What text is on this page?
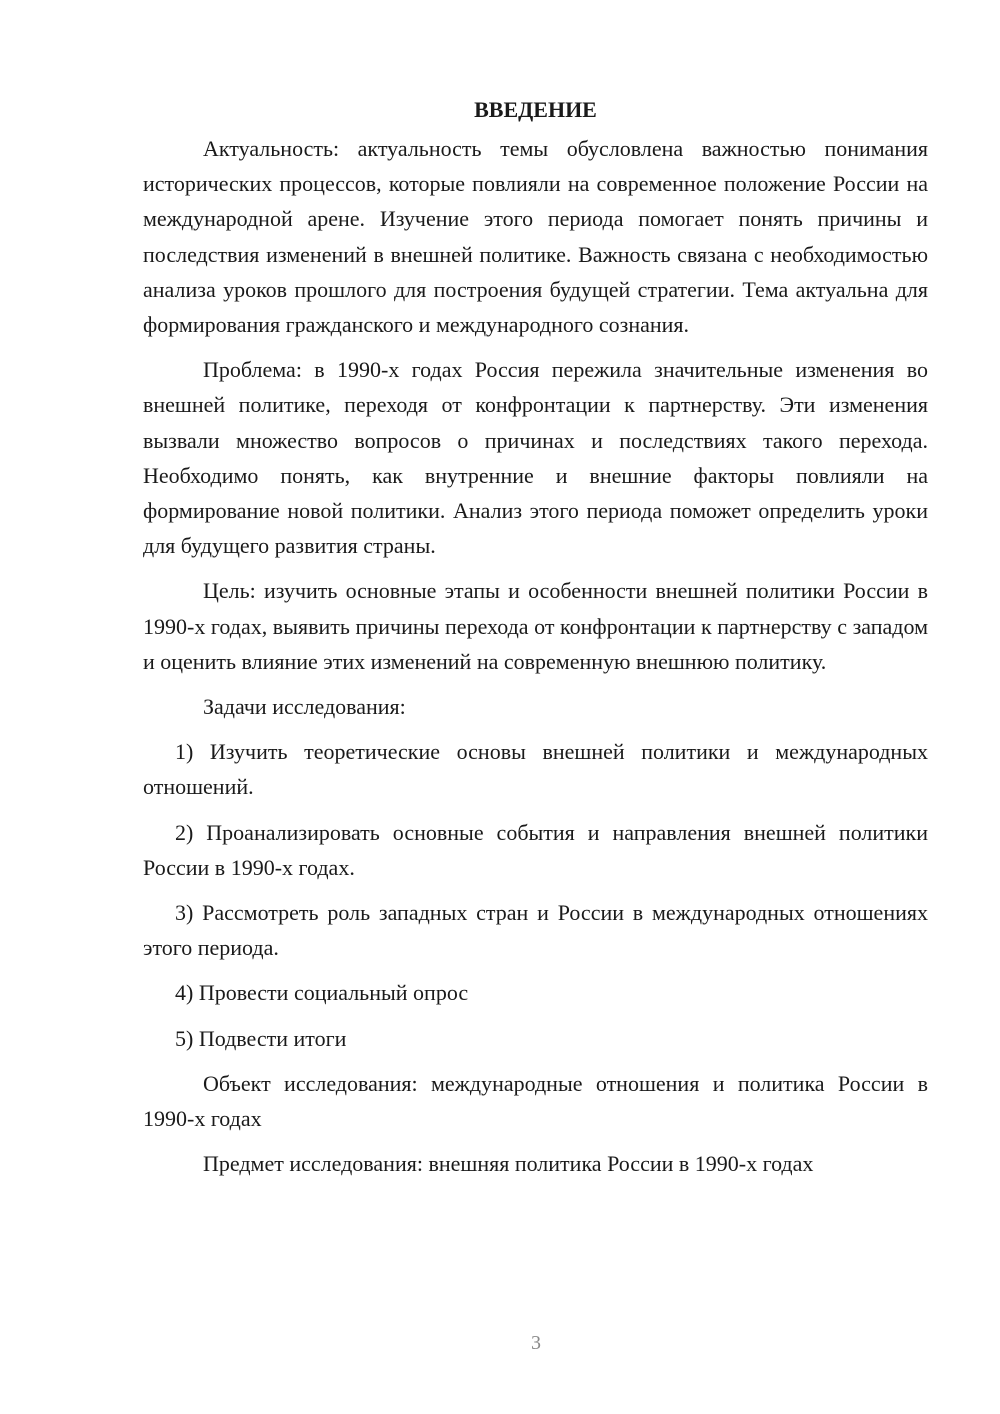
ВВЕДЕНИЕ

Актуальность: актуальность темы обусловлена важностью понимания исторических процессов, которые повлияли на современное положение России на международной арене. Изучение этого периода помогает понять причины и последствия изменений в внешней политике. Важность связана с необходимостью анализа уроков прошлого для построения будущей стратегии. Тема актуальна для формирования гражданского и международного сознания.

Проблема: в 1990-х годах Россия пережила значительные изменения во внешней политике, переходя от конфронтации к партнерству. Эти изменения вызвали множество вопросов о причинах и последствиях такого перехода. Необходимо понять, как внутренние и внешние факторы повлияли на формирование новой политики. Анализ этого периода поможет определить уроки для будущего развития страны.

Цель: изучить основные этапы и особенности внешней политики России в 1990-х годах, выявить причины перехода от конфронтации к партнерству с западом и оценить влияние этих изменений на современную внешнюю политику.

Задачи исследования:

1) Изучить теоретические основы внешней политики и международных отношений.

2) Проанализировать основные события и направления внешней политики России в 1990-х годах.

3) Рассмотреть роль западных стран и России в международных отношениях этого периода.

4) Провести социальный опрос

5) Подвести итоги

Объект исследования: международные отношения и политика России в 1990-х годах

Предмет исследования: внешняя политика России в 1990-х годах

3
